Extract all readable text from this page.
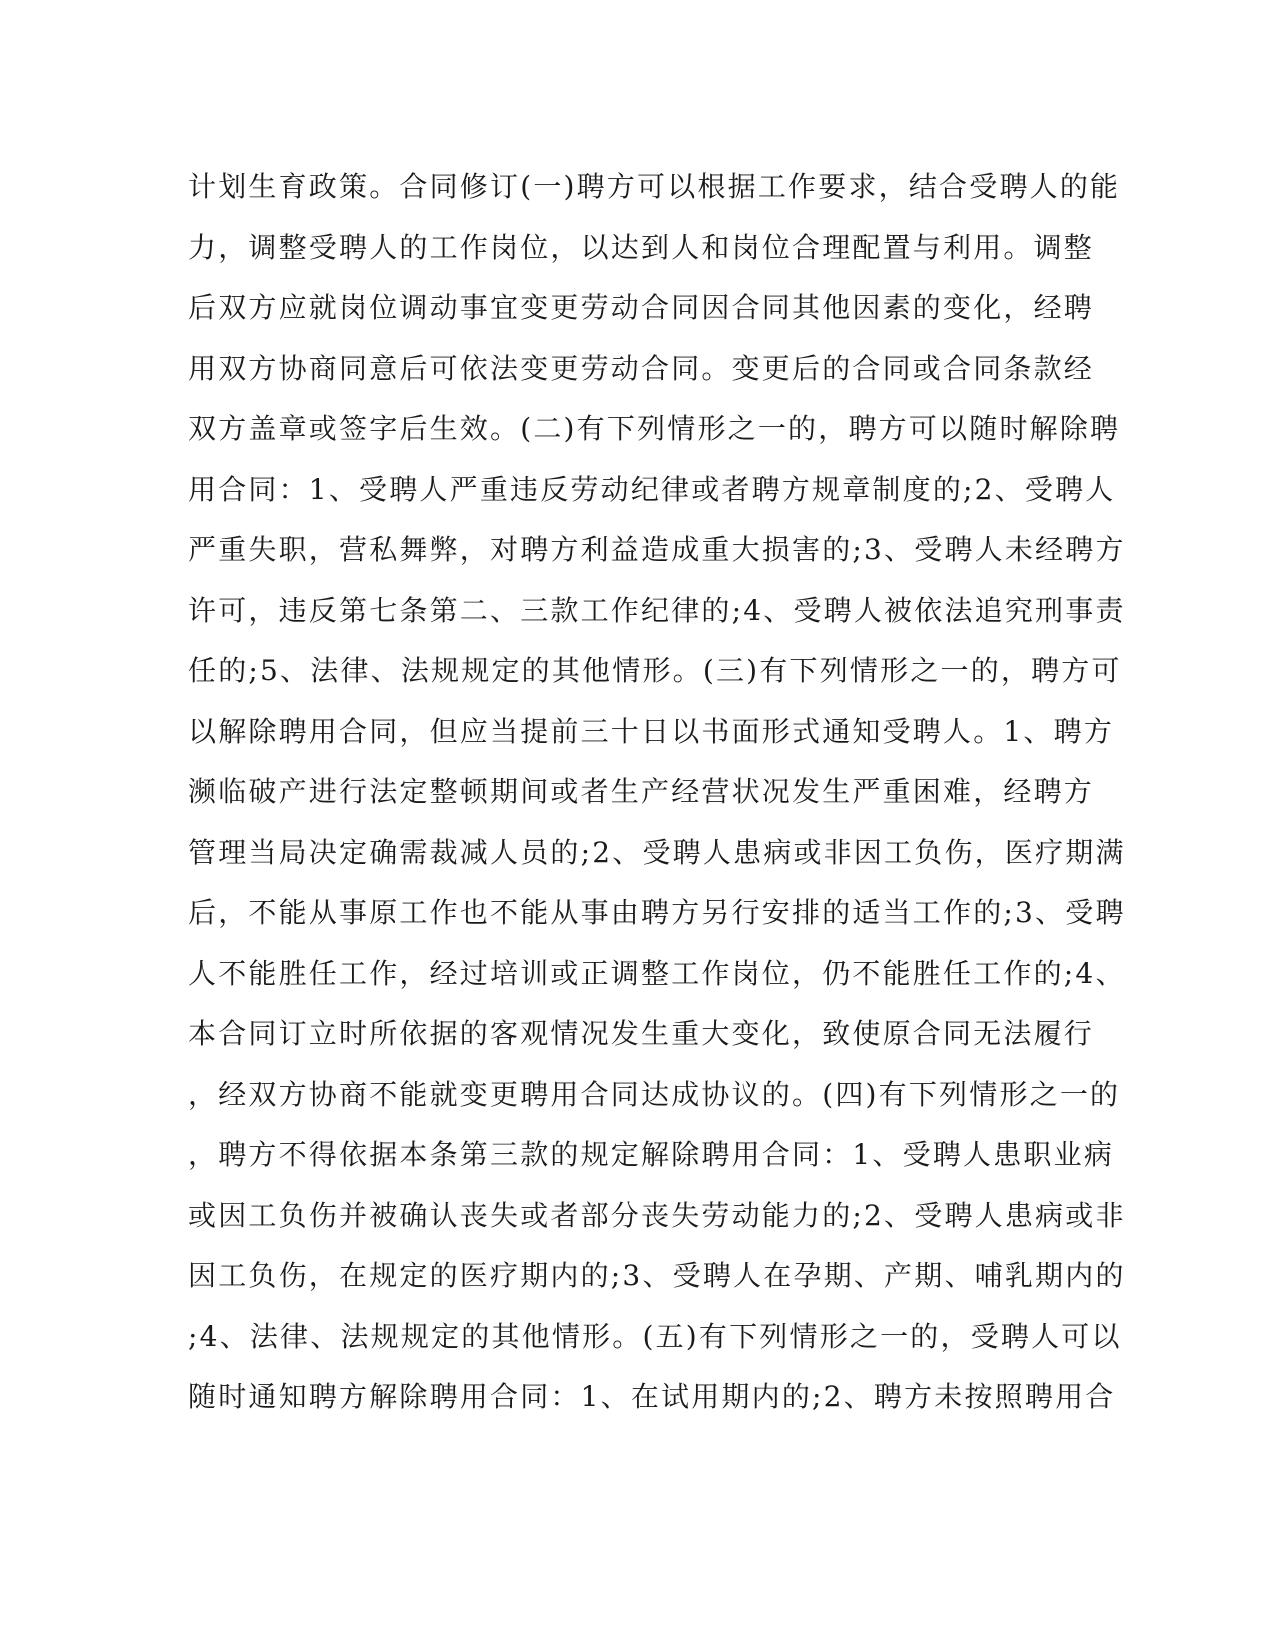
计划生育政策。合同修订(一)聘方可以根据工作要求，结合受聘人的能
力，调整受聘人的工作岗位，以达到人和岗位合理配置与利用。调整
后双方应就岗位调动事宜变更劳动合同因合同其他因素的变化，经聘
用双方协商同意后可依法变更劳动合同。变更后的合同或合同条款经
双方盖章或签字后生效。(二)有下列情形之一的，聘方可以随时解除聘
用合同：1、受聘人严重违反劳动纪律或者聘方规章制度的;2、受聘人
严重失职，营私舞弊，对聘方利益造成重大损害的;3、受聘人未经聘方
许可，违反第七条第二、三款工作纪律的;4、受聘人被依法追究刑事责
任的;5、法律、法规规定的其他情形。(三)有下列情形之一的，聘方可
以解除聘用合同，但应当提前三十日以书面形式通知受聘人。1、聘方
濒临破产进行法定整顿期间或者生产经营状况发生严重困难，经聘方
管理当局决定确需裁减人员的;2、受聘人患病或非因工负伤，医疗期满
后，不能从事原工作也不能从事由聘方另行安排的适当工作的;3、受聘
人不能胜任工作，经过培训或正调整工作岗位，仍不能胜任工作的;4、
本合同订立时所依据的客观情况发生重大变化，致使原合同无法履行
，经双方协商不能就变更聘用合同达成协议的。(四)有下列情形之一的
，聘方不得依据本条第三款的规定解除聘用合同：1、受聘人患职业病
或因工负伤并被确认丧失或者部分丧失劳动能力的;2、受聘人患病或非
因工负伤，在规定的医疗期内的;3、受聘人在孕期、产期、哺乳期内的
;4、法律、法规规定的其他情形。(五)有下列情形之一的，受聘人可以
随时通知聘方解除聘用合同：1、在试用期内的;2、聘方未按照聘用合
